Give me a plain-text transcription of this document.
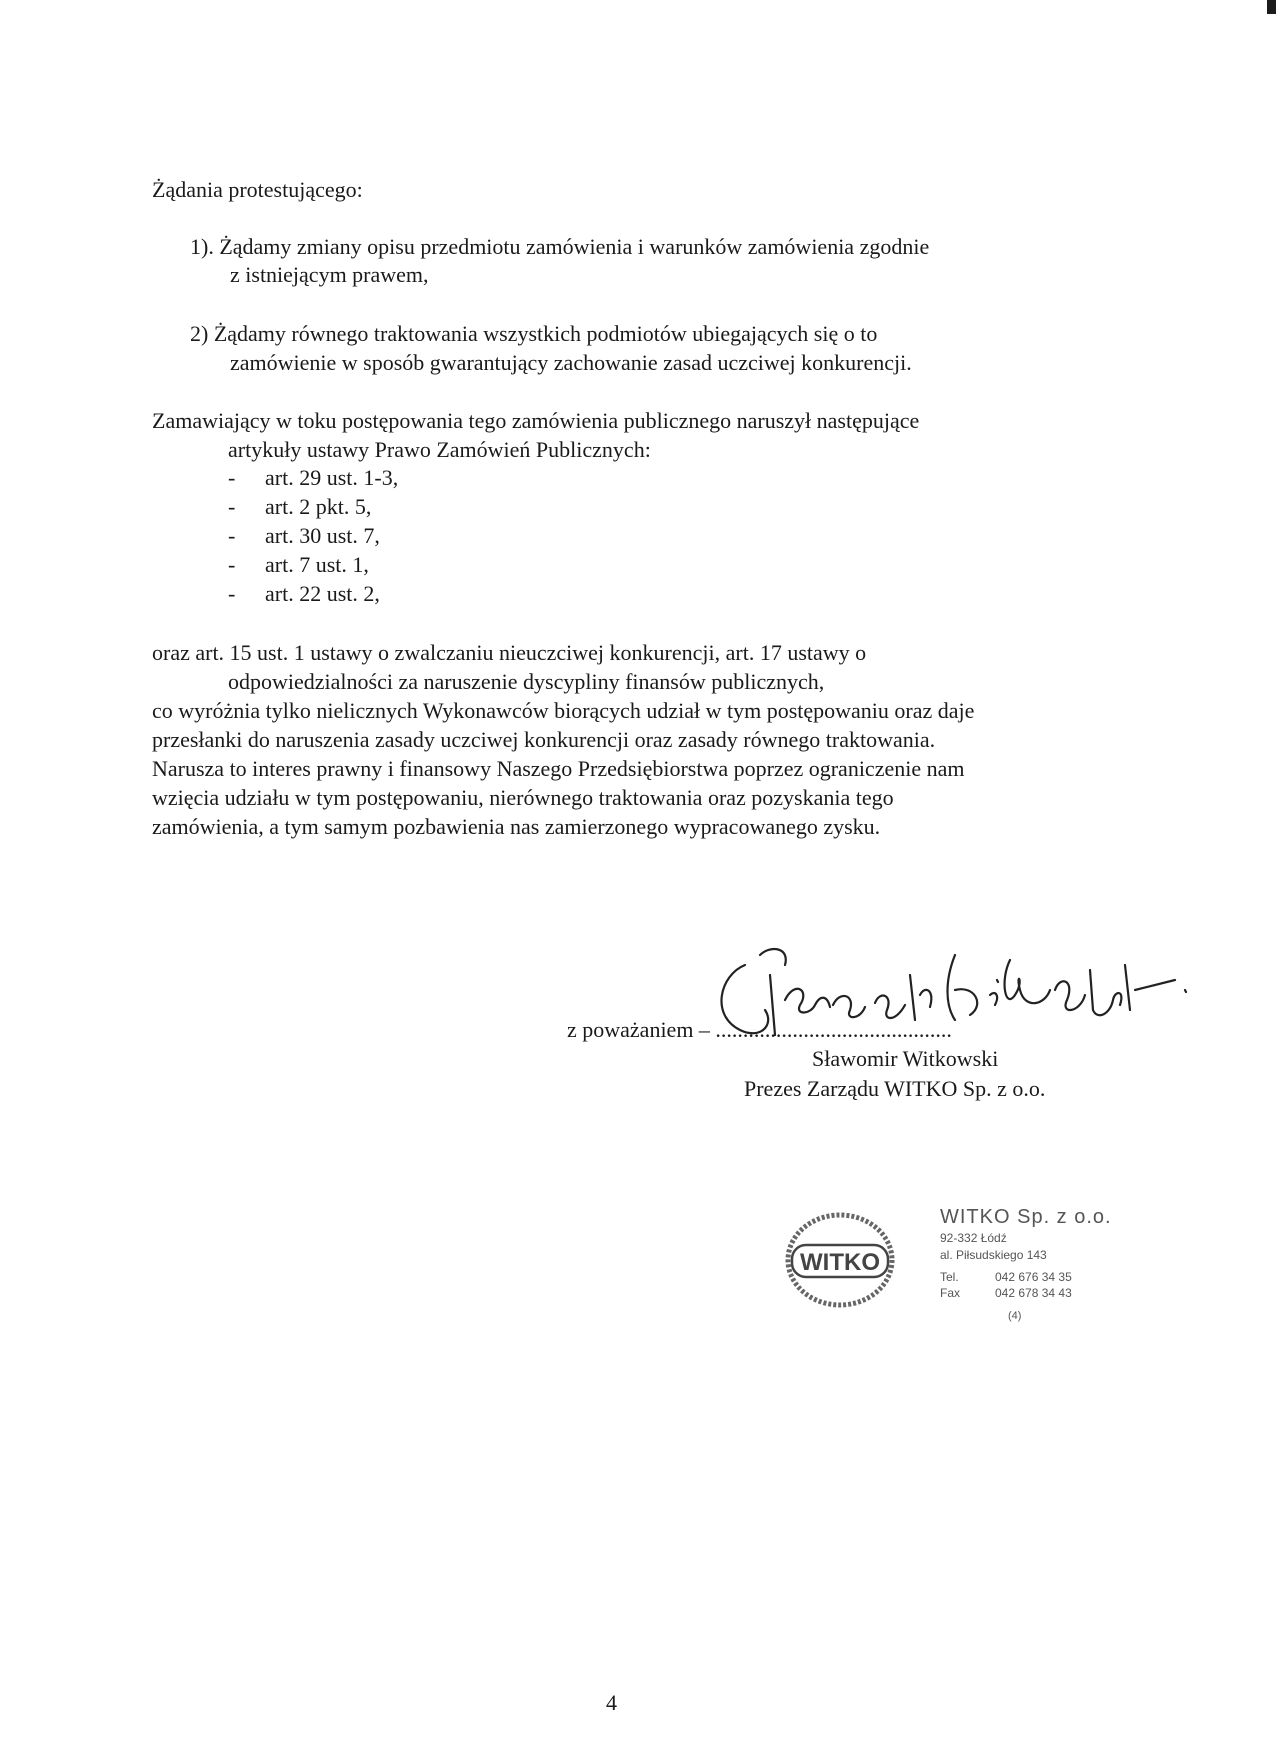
Żądania protestującego:
1). Żądamy zmiany opisu przedmiotu zamówienia i warunków zamówienia zgodnie
z istniejącym prawem,
2) Żądamy równego traktowania wszystkich podmiotów ubiegających się o to
zamówienie w sposób gwarantujący zachowanie zasad uczciwej konkurencji.
Zamawiający w toku postępowania tego zamówienia publicznego naruszył następujące
artykuły ustawy Prawo Zamówień Publicznych:
- art. 29 ust. 1-3,
- art. 2 pkt. 5,
- art. 30 ust. 7,
- art. 7 ust. 1,
- art. 22 ust. 2,
oraz art. 15 ust. 1 ustawy o zwalczaniu nieuczciwej konkurencji, art. 17 ustawy o
odpowiedzialności za naruszenie dyscypliny finansów publicznych,
co wyróżnia tylko nielicznych Wykonawców biorących udział w tym postępowaniu oraz daje
przesłanki do naruszenia zasady uczciwej konkurencji oraz zasady równego traktowania.
Narusza to interes prawny i finansowy Naszego Przedsiębiorstwa poprzez ograniczenie nam
wzięcia udziału w tym postępowaniu, nierównego traktowania oraz pozyskania tego
zamówienia, a tym samym pozbawienia nas zamierzonego wypracowanego zysku.
z poważaniem – ...........................................
Sławomir Witkowski
Prezes Zarządu WITKO Sp. z o.o.
WITKO
WITKO Sp. z o.o.
92-332 Łódź
al. Piłsudskiego 143
Tel.	042 676 34 35
Fax	042 678 34 43
(4)
4
